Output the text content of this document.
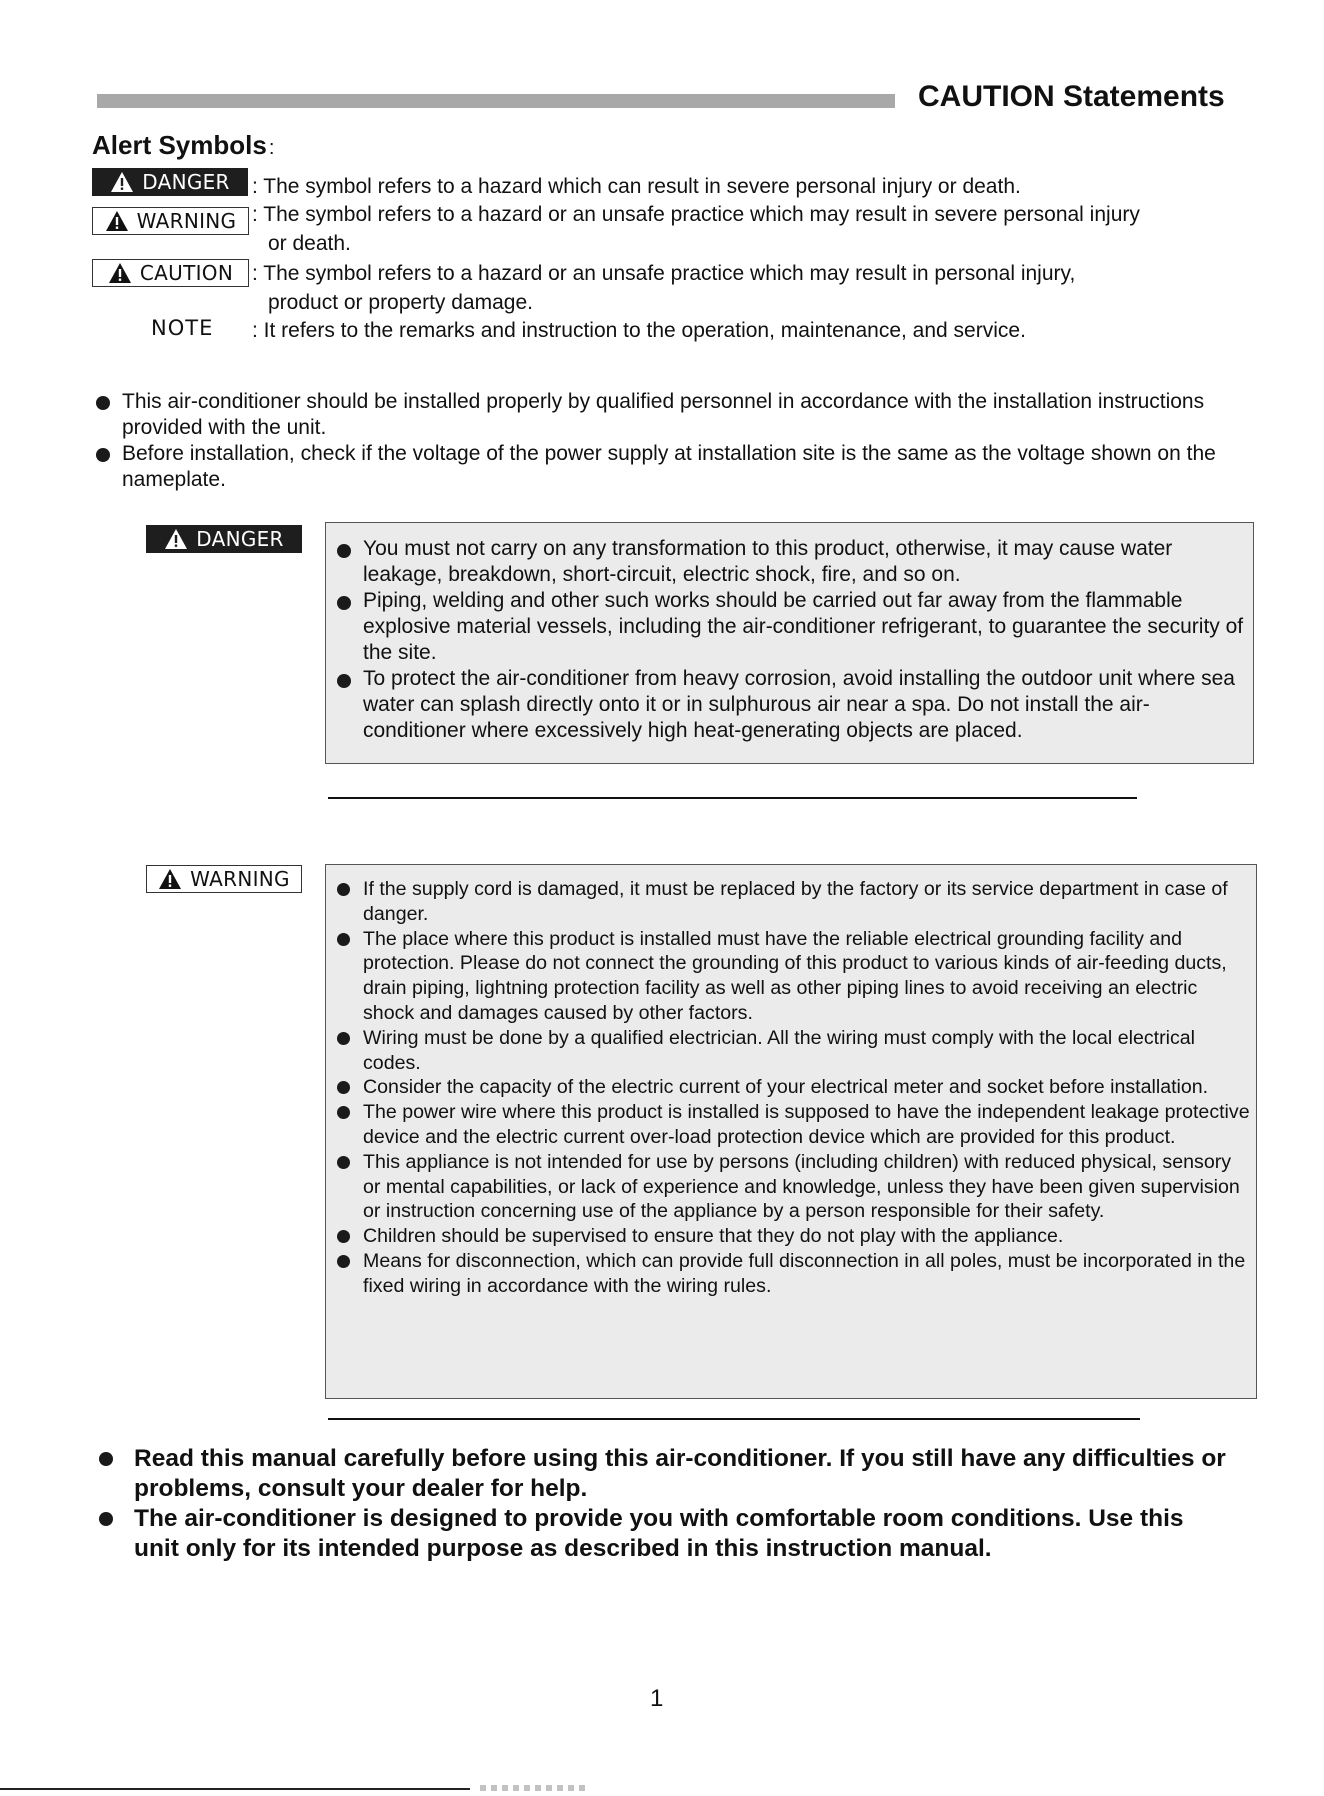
CAUTION Statements
Alert Symbols :
DANGER : The symbol refers to a hazard which can result in severe personal injury or death.
WARNING : The symbol refers to a hazard or an unsafe practice which may result in severe personal injury
or death.
CAUTION : The symbol refers to a hazard or an unsafe practice which may result in personal injury,
product or property damage.
NOTE : It refers to the remarks and instruction to the operation, maintenance, and service.
This air-conditioner should be installed properly by qualified personnel in accordance with the installation instructions provided with the unit.
Before installation, check if the voltage of the power supply at installation site is the same as the voltage shown on the nameplate.
DANGER	You must not carry on any transformation to this product, otherwise, it may cause water leakage, breakdown, short-circuit, electric shock, fire, and so on.
Piping, welding and other such works should be carried out far away from the flammable explosive material vessels, including the air-conditioner refrigerant, to guarantee the security of the site.
To protect the air-conditioner from heavy corrosion, avoid installing the outdoor unit where sea water can splash directly onto it or in sulphurous air near a spa. Do not install the air-conditioner where excessively high heat-generating objects are placed.
WARNING	If the supply cord is damaged, it must be replaced by the factory or its service department in case of danger.
The place where this product is installed must have the reliable electrical grounding facility and protection. Please do not connect the grounding of this product to various kinds of air-feeding ducts, drain piping, lightning protection facility as well as other piping lines to avoid receiving an electric shock and damages caused by other factors.
Wiring must be done by a qualified electrician. All the wiring must comply with the local electrical codes.
Consider the capacity of the electric current of your electrical meter and socket before installation.
The power wire where this product is installed is supposed to have the independent leakage protective device and the electric current over-load protection device which are provided for this product.
This appliance is not intended for use by persons (including children) with reduced physical, sensory or mental capabilities, or lack of experience and knowledge, unless they have been given supervision or instruction concerning use of the appliance by a person responsible for their safety.
Children should be supervised to ensure that they do not play with the appliance.
Means for disconnection, which can provide full disconnection in all poles, must be incorporated in the fixed wiring in accordance with the wiring rules.
Read this manual carefully before using this air-conditioner. If you still have any difficulties or problems, consult your dealer for help.
The air-conditioner is designed to provide you with comfortable room conditions. Use this unit only for its intended purpose as described in this instruction manual.
1
